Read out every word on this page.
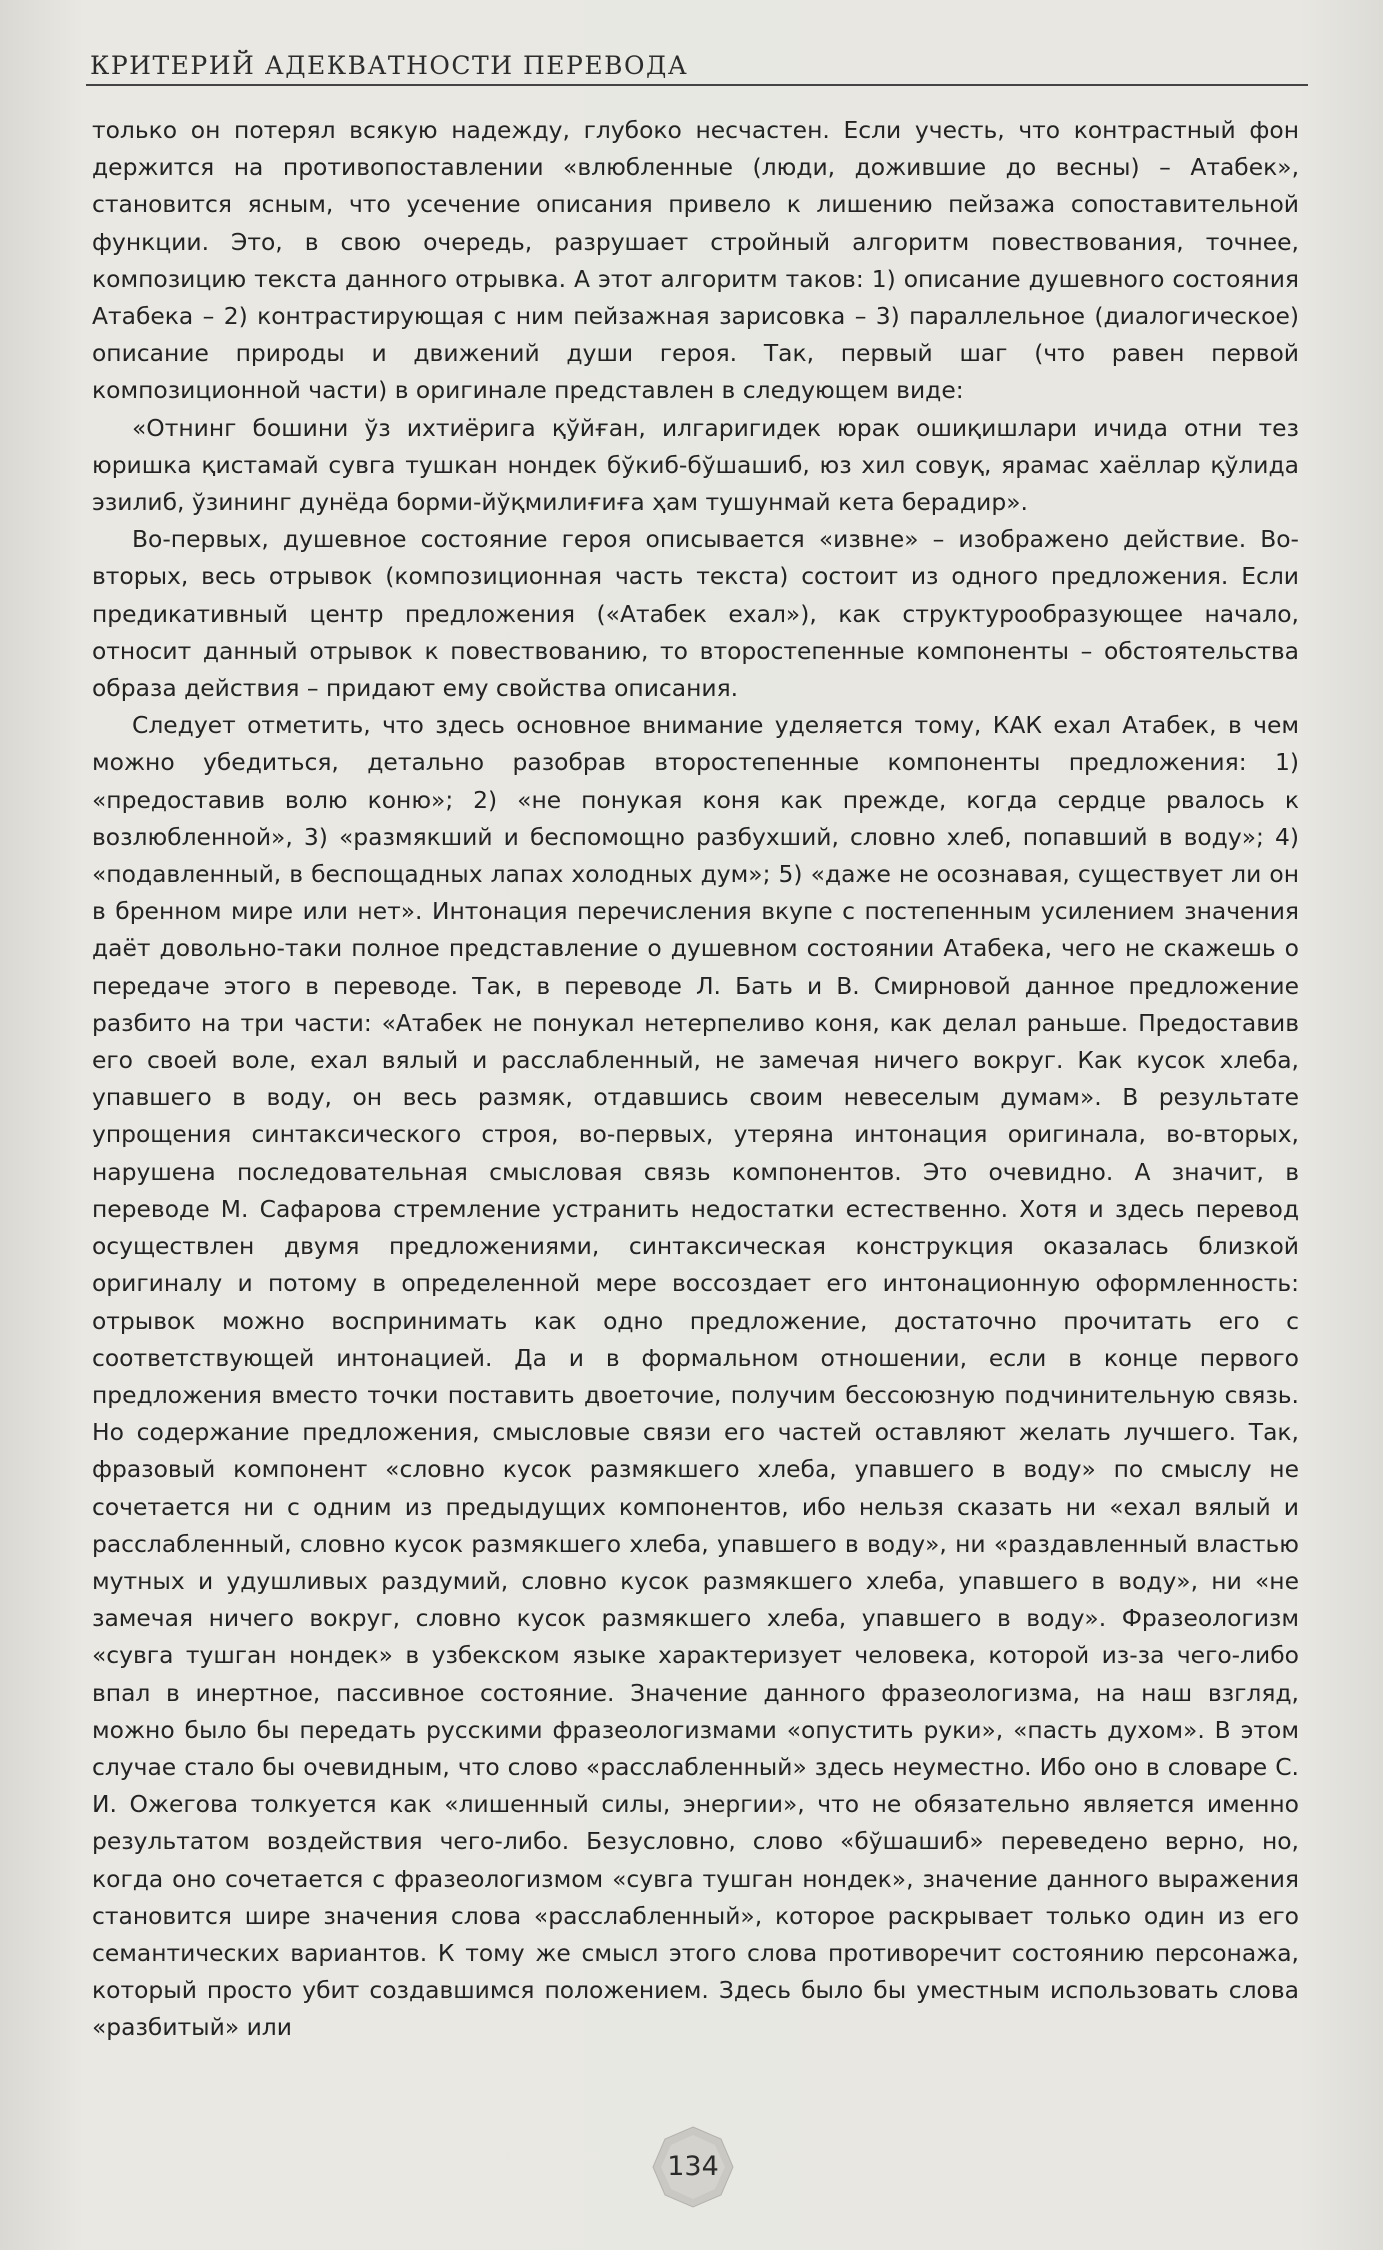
КРИТЕРИЙ АДЕКВАТНОСТИ ПЕРЕВОДА

только он потерял всякую надежду, глубоко несчастен. Если учесть, что контрастный фон держится на противопоставлении «влюбленные (люди, дожившие до весны) – Атабек», становится ясным, что усечение описания привело к лишению пейзажа сопоставительной функции. Это, в свою очередь, разрушает стройный алгоритм повествования, точнее, композицию текста данного отрывка. А этот алгоритм таков: 1) описание душевного состояния Атабека – 2) контрастирующая с ним пейзажная зарисовка – 3) параллельное (диалогическое) описание природы и движений души героя. Так, первый шаг (что равен первой композиционной части) в оригинале представлен в следующем виде:

«Отнинг бошини ўз ихтиёрига қўйған, илгаригидек юрак ошиқишлари ичида отни тез юришка қистамай сувга тушкан нондек бўкиб-бўшашиб, юз хил совуқ, ярамас хаёллар қўлида эзилиб, ўзининг дунёда борми-йўқмилиғиға ҳам тушунмай кета берадир».

Во-первых, душевное состояние героя описывается «извне» – изображено действие. Во-вторых, весь отрывок (композиционная часть текста) состоит из одного предложения. Если предикативный центр предложения («Атабек ехал»), как структурообразующее начало, относит данный отрывок к повествованию, то второстепенные компоненты – обстоятельства образа действия – придают ему свойства описания.

Следует отметить, что здесь основное внимание уделяется тому, КАК ехал Атабек, в чем можно убедиться, детально разобрав второстепенные компоненты предложения: 1) «предоставив волю коню»; 2) «не понукая коня как прежде, когда сердце рвалось к возлюбленной», 3) «размякший и беспомощно разбухший, словно хлеб, попавший в воду»; 4) «подавленный, в беспощадных лапах холодных дум»; 5) «даже не осознавая, существует ли он в бренном мире или нет». Интонация перечисления вкупе с постепенным усилением значения даёт довольно-таки полное представление о душевном состоянии Атабека, чего не скажешь о передаче этого в переводе. Так, в переводе Л. Бать и В. Смирновой данное предложение разбито на три части: «Атабек не понукал нетерпеливо коня, как делал раньше. Предоставив его своей воле, ехал вялый и расслабленный, не замечая ничего вокруг. Как кусок хлеба, упавшего в воду, он весь размяк, отдавшись своим невеселым думам». В результате упрощения синтаксического строя, во-первых, утеряна интонация оригинала, во-вторых, нарушена последовательная смысловая связь компонентов. Это очевидно. А значит, в переводе М. Сафарова стремление устранить недостатки естественно. Хотя и здесь перевод осуществлен двумя предложениями, синтаксическая конструкция оказалась близкой оригиналу и потому в определенной мере воссоздает его интонационную оформленность: отрывок можно воспринимать как одно предложение, достаточно прочитать его с соответствующей интонацией. Да и в формальном отношении, если в конце первого предложения вместо точки поставить двоеточие, получим бессоюзную подчинительную связь. Но содержание предложения, смысловые связи его частей оставляют желать лучшего. Так, фразовый компонент «словно кусок размякшего хлеба, упавшего в воду» по смыслу не сочетается ни с одним из предыдущих компонентов, ибо нельзя сказать ни «ехал вялый и расслабленный, словно кусок размякшего хлеба, упавшего в воду», ни «раздавленный властью мутных и удушливых раздумий, словно кусок размякшего хлеба, упавшего в воду», ни «не замечая ничего вокруг, словно кусок размякшего хлеба, упавшего в воду». Фразеологизм «сувга тушган нондек» в узбекском языке характеризует человека, которой из-за чего-либо впал в инертное, пассивное состояние. Значение данного фразеологизма, на наш взгляд, можно было бы передать русскими фразеологизмами «опустить руки», «пасть духом». В этом случае стало бы очевидным, что слово «расслабленный» здесь неуместно. Ибо оно в словаре С. И. Ожегова толкуется как «лишенный силы, энергии», что не обязательно является именно результатом воздействия чего-либо. Безусловно, слово «бўшашиб» переведено верно, но, когда оно сочетается с фразеологизмом «сувга тушган нондек», значение данного выражения становится шире значения слова «расслабленный», которое раскрывает только один из его семантических вариантов. К тому же смысл этого слова противоречит состоянию персонажа, который просто убит создавшимся положением. Здесь было бы уместным использовать слова «разбитый» или

134
